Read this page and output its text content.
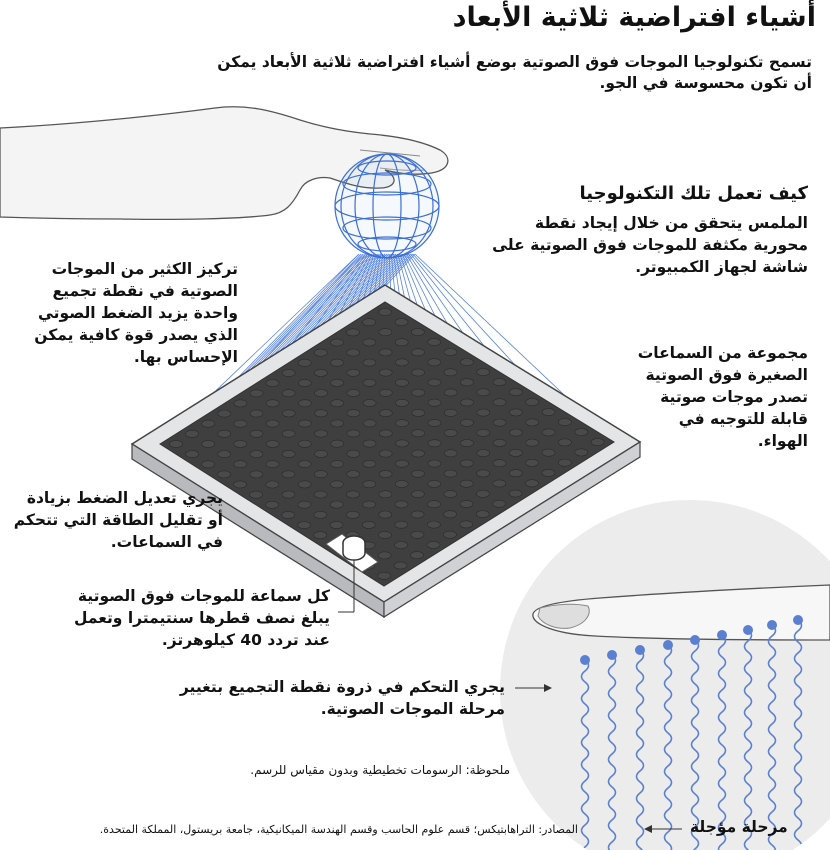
أشياء افتراضية ثلاثية الأبعاد

تسمح تكنولوجيا الموجات فوق الصوتية بوضع أشياء افتراضية ثلاثية الأبعاد يمكن أن تكون محسوسة في الجو.

كيف تعمل تلك التكنولوجيا

الملمس يتحقق من خلال إيجاد نقطة محورية مكثفة للموجات فوق الصوتية على شاشة لجهاز الكمبيوتر.

تركيز الكثير من الموجات الصوتية في نقطة تجميع واحدة يزيد الضغط الصوتي الذي يصدر قوة كافية يمكن الإحساس بها.	مجموعة من السماعات الصغيرة فوق الصوتية تصدر موجات صوتية قابلة للتوجيه في الهواء.

يجري تعديل الضغط بزيادة أو تقليل الطاقة التي تتحكم في السماعات.

كل سماعة للموجات فوق الصوتية يبلغ نصف قطرها سنتيمترا وتعمل عند تردد 40 كيلوهرتز.

يجري التحكم في ذروة نقطة التجميع بتغيير مرحلة الموجات الصوتية.

ملحوظة: الرسومات تخطيطية وبدون مقياس للرسم.

المصادر: التراهابتيكس؛ قسم علوم الحاسب وقسم الهندسة الميكانيكية، جامعة بريستول، المملكة المتحدة.	مرحلة مؤجلة
